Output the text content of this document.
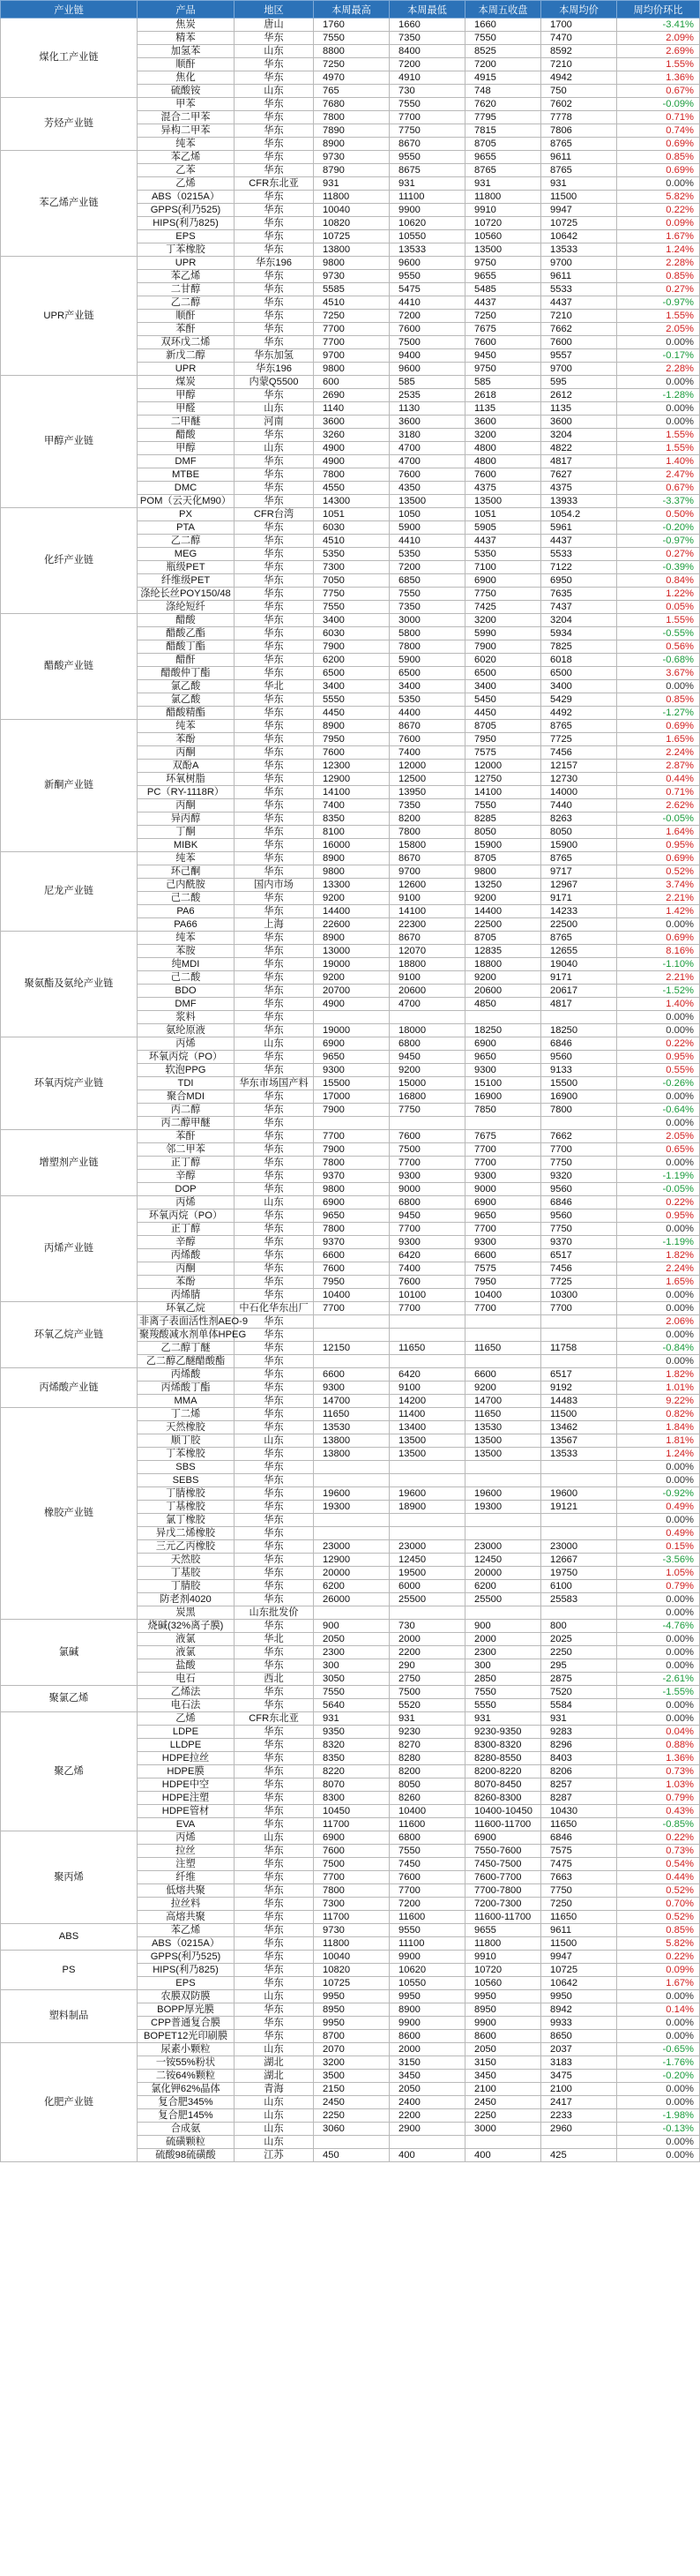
产业链	产品	地区	本周最高	本周最低	本周五收盘	本周均价	周均价环比
煤化工产业链	焦炭	唐山	1760	1660	1660	1700	-3.41%
	精苯	华东	7550	7350	7550	7470	2.09%
	加氢苯	山东	8800	8400	8525	8592	2.69%
	顺酐	华东	7250	7200	7200	7210	1.55%
	焦化	华东	4970	4910	4915	4942	1.36%
	硫酸铵	山东	765	730	748	750	0.67%
芳烃产业链	甲苯	华东	7680	7550	7620	7602	-0.09%
	混合二甲苯	华东	7800	7700	7795	7778	0.71%
	异构二甲苯	华东	7890	7750	7815	7806	0.74%
	纯苯	华东	8900	8670	8705	8765	0.69%
苯乙烯产业链	苯乙烯	华东	9730	9550	9655	9611	0.85%
	乙苯	华东	8790	8675	8765	8765	0.69%
	乙烯	CFR东北亚	931	931	931	931	0.00%
	ABS（0215A）	华东	11800	11100	11800	11500	5.82%
	GPPS(利乃525)	华东	10040	9900	9910	9947	0.22%
	HIPS(利乃825)	华东	10820	10620	10720	10725	0.09%
	EPS	华东	10725	10550	10560	10642	1.67%
	丁苯橡胶	华东	13800	13533	13500	13533	1.24%
UPR产业链	UPR	华东196	9800	9600	9750	9700	2.28%
	苯乙烯	华东	9730	9550	9655	9611	0.85%
	二甘醇	华东	5585	5475	5485	5533	0.27%
	乙二醇	华东	4510	4410	4437	4437	-0.97%
	顺酐	华东	7250	7200	7250	7210	1.55%
	苯酐	华东	7700	7600	7675	7662	2.05%
	双环戊二烯	华东	7700	7500	7600	7600	0.00%
	新戊二醇	华东加氢	9700	9400	9450	9557	-0.17%
	UPR	华东196	9800	9600	9750	9700	2.28%
甲醇产业链	煤炭	内蒙Q5500	600	585	585	595	0.00%
	甲醇	华东	2690	2535	2618	2612	-1.28%
	甲醛	山东	1140	1130	1135	1135	0.00%
	二甲醚	河南	3600	3600	3600	3600	0.00%
	醋酸	华东	3260	3180	3200	3204	1.55%
	甲醇	山东	4900	4700	4800	4822	1.55%
	DMF	华东	4900	4700	4800	4817	1.40%
	MTBE	华东	7800	7600	7600	7627	2.47%
	DMC	华东	4550	4350	4375	4375	0.67%
	POM（云天化M90）	华东	14300	13500	13500	13933	-3.37%
化纤产业链	PX	CFR台湾	1051	1050	1051	1054.2	0.50%
	PTA	华东	6030	5900	5905	5961	-0.20%
	乙二醇	华东	4510	4410	4437	4437	-0.97%
	MEG	华东	5350	5350	5350	5533	0.27%
	瓶级PET	华东	7300	7200	7100	7122	-0.39%
	纤维级PET	华东	7050	6850	6900	6950	0.84%
	涤纶长丝POY150/48	华东	7750	7550	7750	7635	1.22%
	涤纶短纤	华东	7550	7350	7425	7437	0.05%
醋酸产业链	醋酸	华东	3400	3000	3200	3204	1.55%
	醋酸乙酯	华东	6030	5800	5990	5934	-0.55%
	醋酸丁酯	华东	7900	7800	7900	7825	0.56%
	醋酐	华东	6200	5900	6020	6018	-0.68%
	醋酸仲丁酯	华东	6500	6500	6500	6500	3.67%
	氯乙酸	华北	3400	3400	3400	3400	0.00%
	氯乙酸	华东	5550	5350	5450	5429	0.85%
	醋酸精酯	华东	4450	4400	4450	4492	-1.27%
新酮产业链	纯苯	华东	8900	8670	8705	8765	0.69%
	苯酚	华东	7950	7600	7950	7725	1.65%
	丙酮	华东	7600	7400	7575	7456	2.24%
	双酚A	华东	12300	12000	12000	12157	2.87%
	环氧树脂	华东	12900	12500	12750	12730	0.44%
	PC（RY-1118R）	华东	14100	13950	14100	14000	0.71%
	丙酮	华东	7400	7350	7550	7440	2.62%
	异丙醇	华东	8350	8200	8285	8263	-0.05%
	丁酮	华东	8100	7800	8050	8050	1.64%
	MIBK	华东	16000	15800	15900	15900	0.95%
尼龙产业链	纯苯	华东	8900	8670	8705	8765	0.69%
	环己酮	华东	9800	9700	9800	9717	0.52%
	己内酰胺	国内市场	13300	12600	13250	12967	3.74%
	己二酸	华东	9200	9100	9200	9171	2.21%
	PA6	华东	14400	14100	14400	14233	1.42%
	PA66	上海	22600	22300	22500	22500	0.00%
聚氨酯及氨纶产业链	纯苯	华东	8900	8670	8705	8765	0.69%
	苯胺	华东	13000	12070	12835	12655	8.16%
	纯MDI	华东	19000	18800	18800	19040	-1.10%
	己二酸	华东	9200	9100	9200	9171	2.21%
	BDO	华东	20700	20600	20600	20617	-1.52%
	DMF	华东	4900	4700	4850	4817	1.40%
	浆料	华东					0.00%
	氨纶原液	华东	19000	18000	18250	18250	0.00%
环氧丙烷产业链	丙烯	山东	6900	6800	6900	6846	0.22%
	环氧丙烷（PO）	华东	9650	9450	9650	9560	0.95%
	软泡PPG	华东	9300	9200	9300	9133	0.55%
	TDI	华东市场国产料	15500	15000	15100	15500	-0.26%
	聚合MDI	华东	17000	16800	16900	16900	0.00%
	丙二醇	华东	7900	7750	7850	7800	-0.64%
	丙二醇甲醚	华东					0.00%
增塑剂产业链	苯酐	华东	7700	7600	7675	7662	2.05%
	邻二甲苯	华东	7900	7500	7700	7700	0.65%
	正丁醇	华东	7800	7700	7700	7750	0.00%
	辛醇	华东	9370	9300	9300	9320	-1.19%
	DOP	华东	9800	9000	9000	9560	-0.05%
丙烯产业链	丙烯	山东	6900	6800	6900	6846	0.22%
	环氧丙烷（PO）	华东	9650	9450	9650	9560	0.95%
	正丁醇	华东	7800	7700	7700	7750	0.00%
	辛醇	华东	9370	9300	9300	9370	-1.19%
	丙烯酸	华东	6600	6420	6600	6517	1.82%
	丙酮	华东	7600	7400	7575	7456	2.24%
	苯酚	华东	7950	7600	7950	7725	1.65%
	丙烯腈	华东	10400	10100	10400	10300	0.00%
环氧乙烷产业链	环氧乙烷	中石化华东出厂	7700	7700	7700	7700	0.00%
	非离子表面活性剂AEO-9	华东					2.06%
	聚羧酸减水剂单体HPEG	华东					0.00%
	乙二醇丁醚	华东	12150	11650	11650	11758	-0.84%
	乙二醇乙醚醋酸酯	华东					0.00%
丙烯酸产业链	丙烯酸	华东	6600	6420	6600	6517	1.82%
	丙烯酸丁酯	华东	9300	9100	9200	9192	1.01%
	MMA	华东	14700	14200	14700	14483	9.22%
橡胶产业链	丁二烯	华东	11650	11400	11650	11500	0.82%
	天然橡胶	华东	13530	13400	13530	13462	1.84%
	顺丁胶	山东	13800	13500	13500	13567	1.81%
	丁苯橡胶	华东	13800	13500	13500	13533	1.24%
	SBS	华东					0.00%
	SEBS	华东					0.00%
	丁腈橡胶	华东	19600	19600	19600	19600	-0.92%
	丁基橡胶	华东	19300	18900	19300	19121	0.49%
	氯丁橡胶	华东					0.00%
	异戊二烯橡胶	华东					0.49%
	三元乙丙橡胶	华东	23000	23000	23000	23000	0.15%
	天然胶	华东	12900	12450	12450	12667	-3.56%
	丁基胶	华东	20000	19500	20000	19750	1.05%
	丁腈胶	华东	6200	6000	6200	6100	0.79%
	防老剂4020	华东	26000	25500	25500	25583	0.00%
	炭黑	山东批发价					0.00%
氯碱	烧碱(32%离子膜)	华东	900	730	900	800	-4.76%
	液氯	华北	2050	2000	2000	2025	0.00%
	液氯	华东	2300	2200	2300	2250	0.00%
	盐酸	华东	300	290	300	295	0.00%
	电石	西北	3050	2750	2850	2875	-2.61%
聚氯乙烯	乙烯法	华东	7550	7500	7550	7520	-1.55%
	电石法	华东	5640	5520	5550	5584	0.00%
聚乙烯	乙烯	CFR东北亚	931	931	931	931	0.00%
	LDPE	华东	9350	9230	9230-9350	9283	0.04%
	LLDPE	华东	8320	8270	8300-8320	8296	0.88%
	HDPE拉丝	华东	8350	8280	8280-8550	8403	1.36%
	HDPE膜	华东	8220	8200	8200-8220	8206	0.73%
	HDPE中空	华东	8070	8050	8070-8450	8257	1.03%
	HDPE注塑	华东	8300	8260	8260-8300	8287	0.79%
	HDPE管材	华东	10450	10400	10400-10450	10430	0.43%
	EVA	华东	11700	11600	11600-11700	11650	-0.85%
聚丙烯	丙烯	山东	6900	6800	6900	6846	0.22%
	拉丝	华东	7600	7550	7550-7600	7575	0.73%
	注塑	华东	7500	7450	7450-7500	7475	0.54%
	纤维	华东	7700	7600	7600-7700	7663	0.44%
	低熔共聚	华东	7800	7700	7700-7800	7750	0.52%
	拉丝料	华东	7300	7200	7200-7300	7250	0.70%
	高熔共聚	华东	11700	11600	11600-11700	11650	0.52%
ABS	苯乙烯	华东	9730	9550	9655	9611	0.85%
	ABS（0215A）	华东	11800	11100	11800	11500	5.82%
PS	GPPS(利乃525)	华东	10040	9900	9910	9947	0.22%
	HIPS(利乃825)	华东	10820	10620	10720	10725	0.09%
	EPS	华东	10725	10550	10560	10642	1.67%
塑料制品	农膜双防膜	山东	9950	9950	9950	9950	0.00%
	BOPP厚光膜	华东	8950	8900	8950	8942	0.14%
	CPP普通复合膜	华东	9950	9900	9900	9933	0.00%
	BOPET12光印刷膜	华东	8700	8600	8600	8650	0.00%
化肥产业链	尿素小颗粒	山东	2070	2000	2050	2037	-0.65%
	一铵55%粉状	湖北	3200	3150	3150	3183	-1.76%
	二铵64%颗粒	湖北	3500	3450	3450	3475	-0.20%
	氯化钾62%晶体	青海	2150	2050	2100	2100	0.00%
	复合肥345%	山东	2450	2400	2450	2417	0.00%
	复合肥145%	山东	2250	2200	2250	2233	-1.98%
	合成氨	山东	3060	2900	3000	2960	-0.13%
	硫磺颗粒	山东					0.00%
	硫酸98硫磺酸	江苏	450	400	400	425	0.00%
